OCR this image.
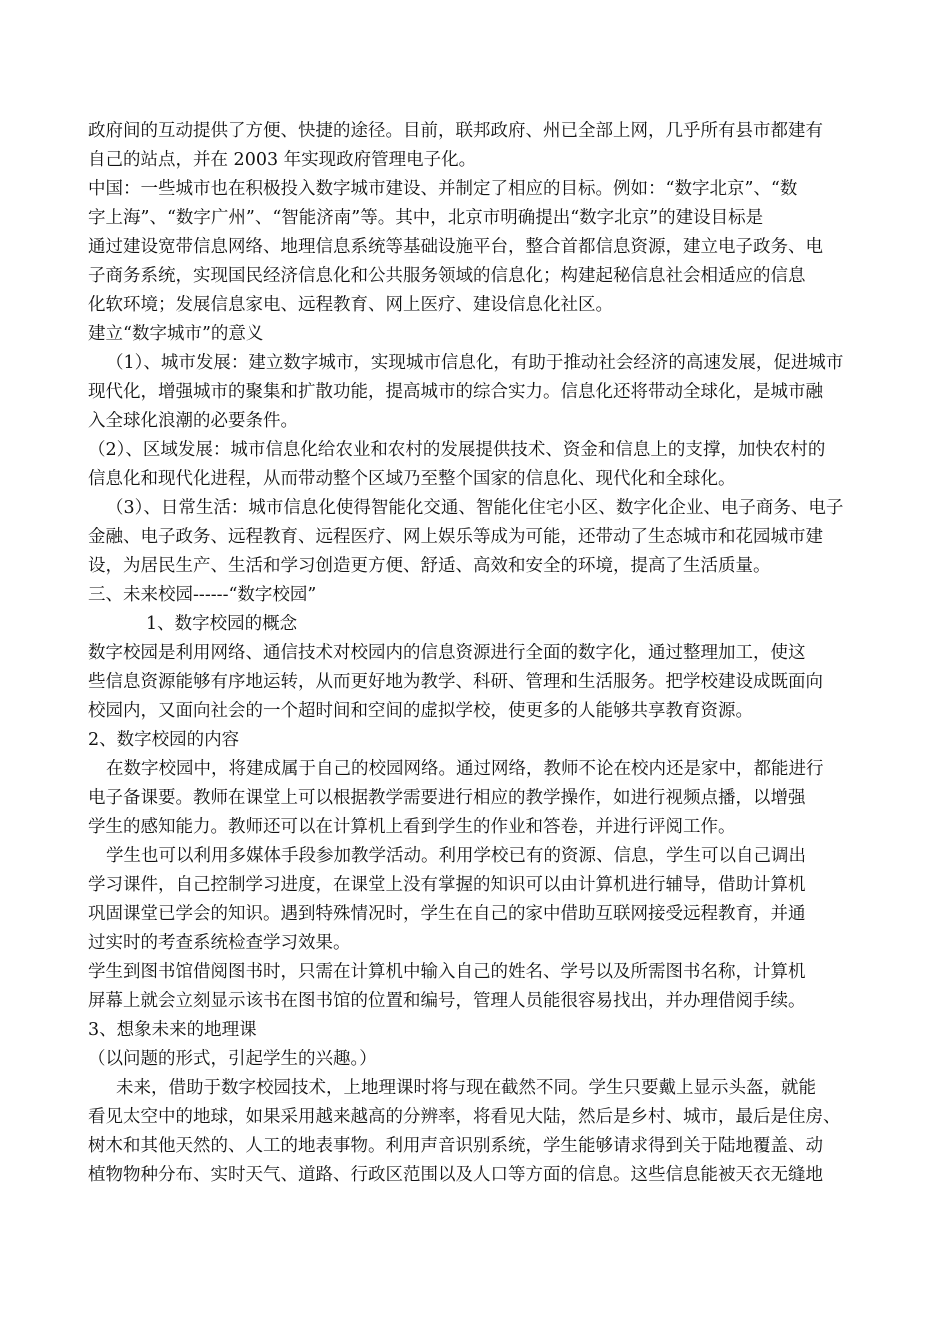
政府间的互动提供了方便、快捷的途径。目前，联邦政府、州已全部上网，几乎所有县市都建有
自己的站点，并在 2003 年实现政府管理电子化。
中国：一些城市也在积极投入数字城市建设、并制定了相应的目标。例如：“数字北京”、“数
字上海”、“数字广州”、“智能济南”等。其中，北京市明确提出“数字北京”的建设目标是
通过建设宽带信息网络、地理信息系统等基础设施平台，整合首都信息资源，建立电子政务、电
子商务系统，实现国民经济信息化和公共服务领域的信息化；构建起秘信息社会相适应的信息
化软环境；发展信息家电、远程教育、网上医疗、建设信息化社区。
建立“数字城市”的意义
（1）、城市发展：建立数字城市，实现城市信息化，有助于推动社会经济的高速发展，促进城市
现代化，增强城市的聚集和扩散功能，提高城市的综合实力。信息化还将带动全球化，是城市融
入全球化浪潮的必要条件。
（2）、区域发展：城市信息化给农业和农村的发展提供技术、资金和信息上的支撑，加快农村的
信息化和现代化进程，从而带动整个区域乃至整个国家的信息化、现代化和全球化。
（3）、日常生活：城市信息化使得智能化交通、智能化住宅小区、数字化企业、电子商务、电子
金融、电子政务、远程教育、远程医疗、网上娱乐等成为可能，还带动了生态城市和花园城市建
设，为居民生产、生活和学习创造更方便、舒适、高效和安全的环境，提高了生活质量。
三、未来校园------“数字校园”
1、数字校园的概念
数字校园是利用网络、通信技术对校园内的信息资源进行全面的数字化，通过整理加工，使这
些信息资源能够有序地运转，从而更好地为教学、科研、管理和生活服务。把学校建设成既面向
校园内，又面向社会的一个超时间和空间的虚拟学校，使更多的人能够共享教育资源。
2、数字校园的内容
在数字校园中，将建成属于自己的校园网络。通过网络，教师不论在校内还是家中，都能进行
电子备课要。教师在课堂上可以根据教学需要进行相应的教学操作，如进行视频点播，以增强
学生的感知能力。教师还可以在计算机上看到学生的作业和答卷，并进行评阅工作。
学生也可以利用多媒体手段参加教学活动。利用学校已有的资源、信息，学生可以自己调出
学习课件，自己控制学习进度，在课堂上没有掌握的知识可以由计算机进行辅导，借助计算机
巩固课堂已学会的知识。遇到特殊情况时，学生在自己的家中借助互联网接受远程教育，并通
过实时的考查系统检查学习效果。
学生到图书馆借阅图书时，只需在计算机中输入自己的姓名、学号以及所需图书名称，计算机
屏幕上就会立刻显示该书在图书馆的位置和编号，管理人员能很容易找出，并办理借阅手续。
3、想象未来的地理课
（以问题的形式，引起学生的兴趣。）
未来，借助于数字校园技术，上地理课时将与现在截然不同。学生只要戴上显示头盔，就能
看见太空中的地球，如果采用越来越高的分辨率，将看见大陆，然后是乡村、城市，最后是住房、
树木和其他天然的、人工的地表事物。利用声音识别系统，学生能够请求得到关于陆地覆盖、动
植物物种分布、实时天气、道路、行政区范围以及人口等方面的信息。这些信息能被天衣无缝地
